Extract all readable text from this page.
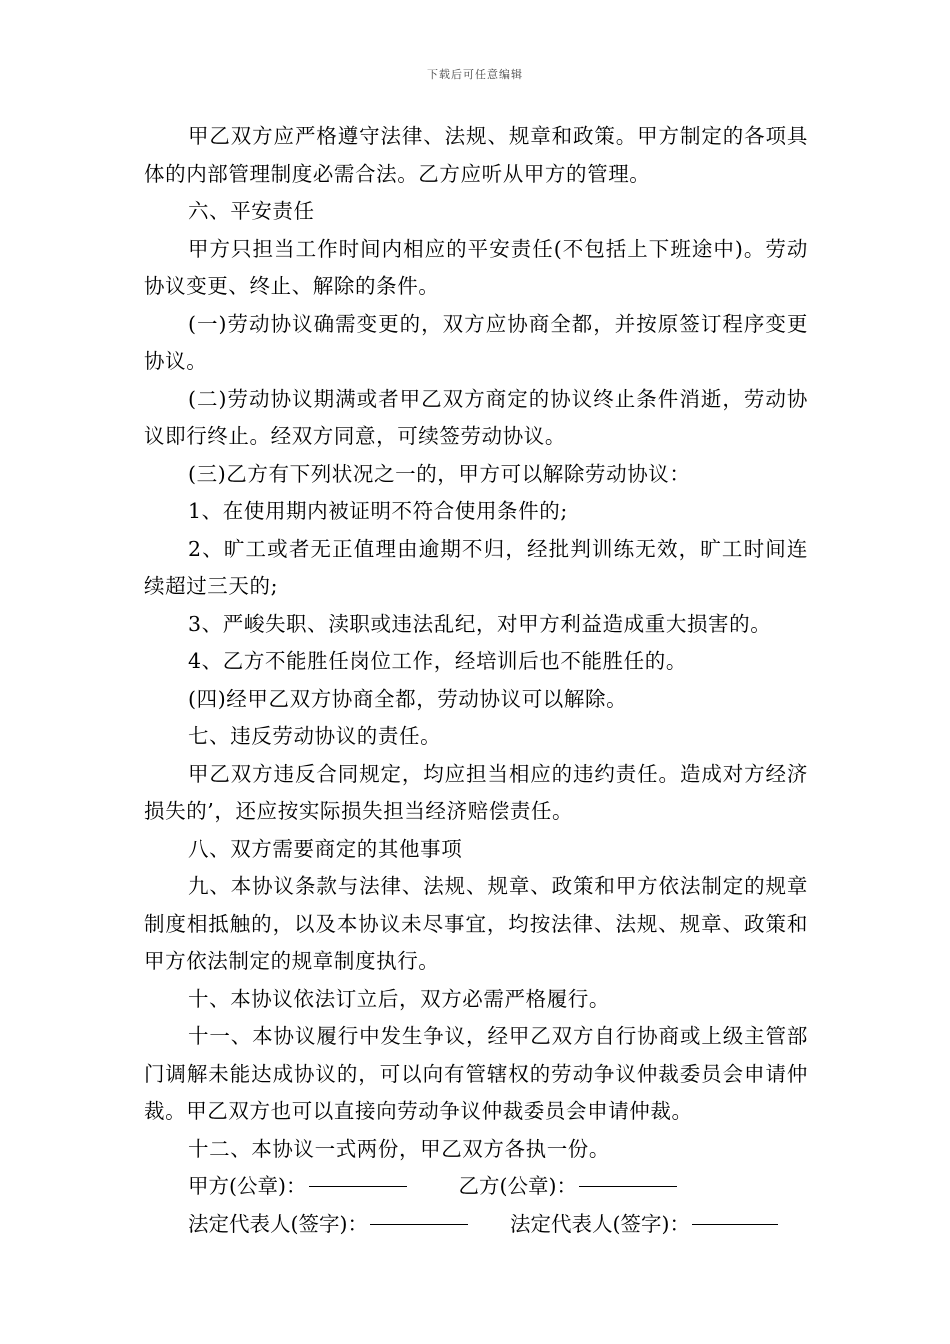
下载后可任意编辑

甲乙双方应严格遵守法律、法规、规章和政策。甲方制定的各项具体的内部管理制度必需合法。乙方应听从甲方的管理。

六、平安责任

甲方只担当工作时间内相应的平安责任(不包括上下班途中)。劳动协议变更、终止、解除的条件。

(一)劳动协议确需变更的，双方应协商全都，并按原签订程序变更协议。

(二)劳动协议期满或者甲乙双方商定的协议终止条件消逝，劳动协议即行终止。经双方同意，可续签劳动协议。

(三)乙方有下列状况之一的，甲方可以解除劳动协议：

1、在使用期内被证明不符合使用条件的;

2、旷工或者无正值理由逾期不归，经批判训练无效，旷工时间连续超过三天的;

3、严峻失职、渎职或违法乱纪，对甲方利益造成重大损害的。

4、乙方不能胜任岗位工作，经培训后也不能胜任的。

(四)经甲乙双方协商全都，劳动协议可以解除。

七、违反劳动协议的责任。

甲乙双方违反合同规定，均应担当相应的违约责任。造成对方经济损失的’，还应按实际损失担当经济赔偿责任。

八、双方需要商定的其他事项

九、本协议条款与法律、法规、规章、政策和甲方依法制定的规章制度相抵触的，以及本协议未尽事宜，均按法律、法规、规章、政策和甲方依法制定的规章制度执行。

十、本协议依法订立后，双方必需严格履行。

十一、本协议履行中发生争议，经甲乙双方自行协商或上级主管部门调解未能达成协议的，可以向有管辖权的劳动争议仲裁委员会申请仲裁。甲乙双方也可以直接向劳动争议仲裁委员会申请仲裁。

十二、本协议一式两份，甲乙双方各执一份。

甲方(公章)：	乙方(公章)：
法定代表人(签字)：	法定代表人(签字)：
